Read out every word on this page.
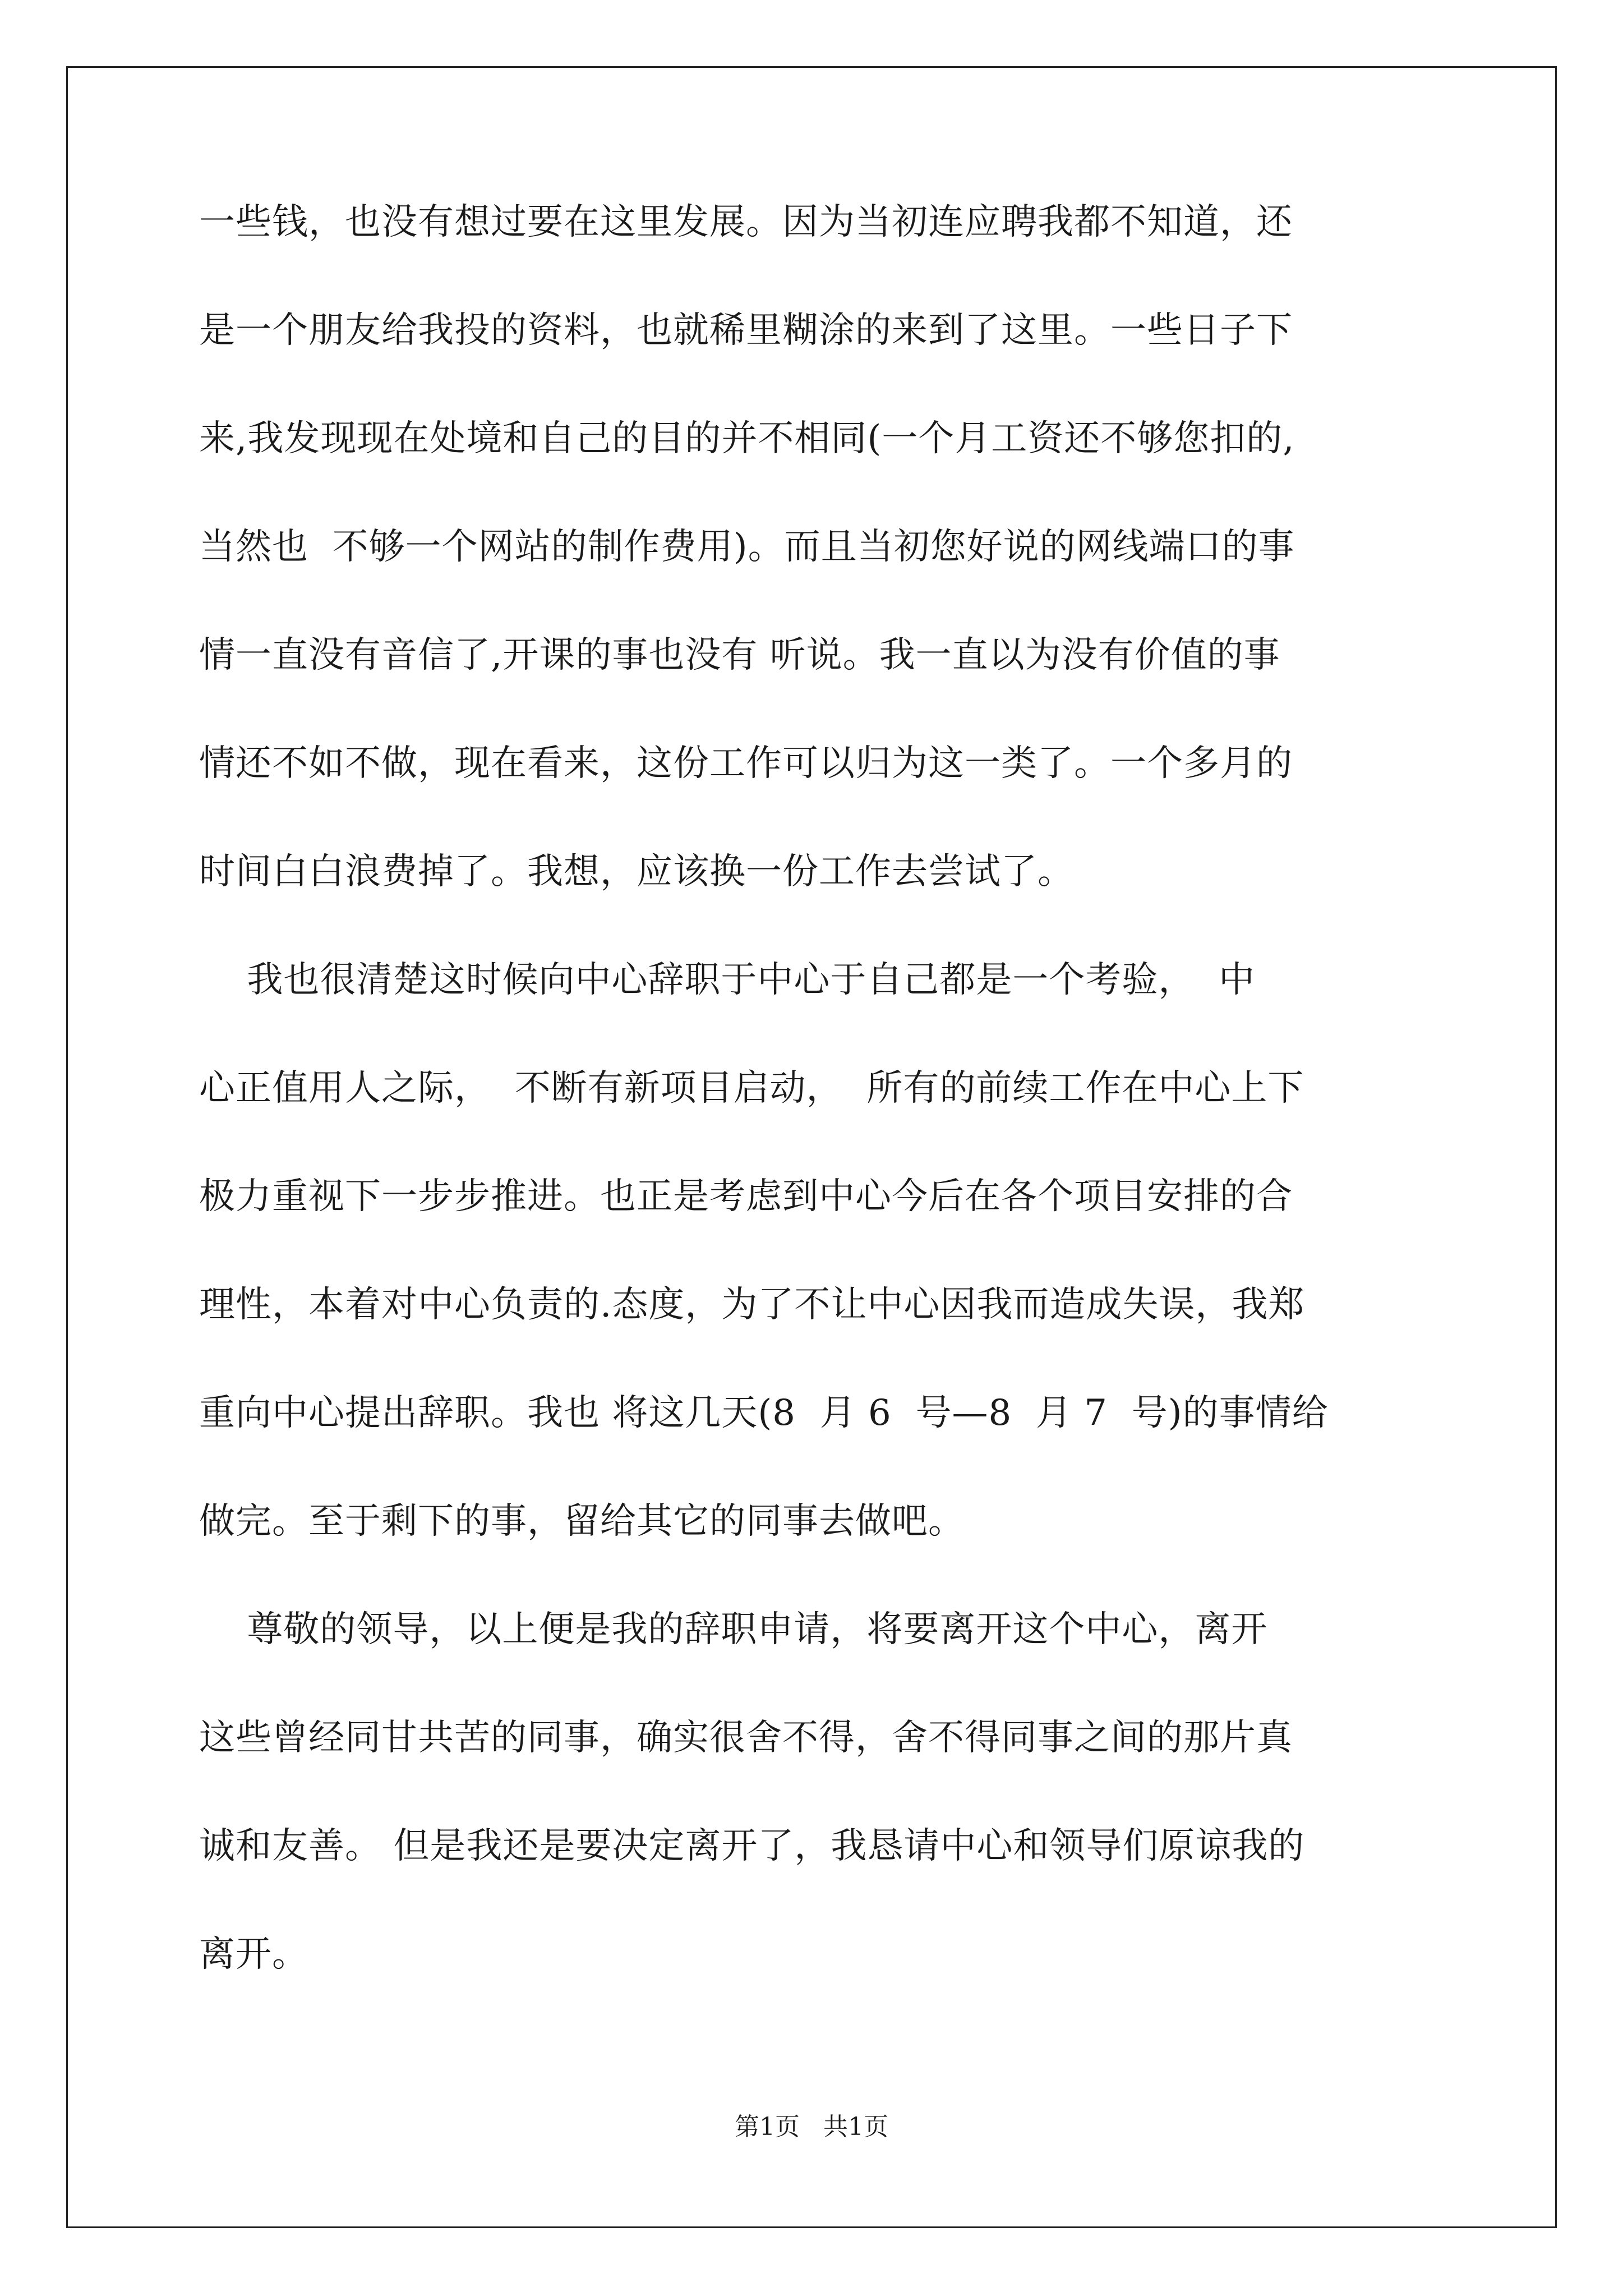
一些钱，也没有想过要在这里发展。因为当初连应聘我都不知道，还
是一个朋友给我投的资料，也就稀里糊涂的来到了这里。一些日子下
来,我发现现在处境和自己的目的并不相同(一个月工资还不够您扣的,
当然也  不够一个网站的制作费用)。而且当初您好说的网线端口的事
情一直没有音信了,开课的事也没有 听说。我一直以为没有价值的事
情还不如不做，现在看来，这份工作可以归为这一类了。一个多月的
时间白白浪费掉了。我想，应该换一份工作去尝试了。
我也很清楚这时候向中心辞职于中心于自己都是一个考验，  中
心正值用人之际，  不断有新项目启动，  所有的前续工作在中心上下
极力重视下一步步推进。也正是考虑到中心今后在各个项目安排的合
理性，本着对中心负责的.态度，为了不让中心因我而造成失误，我郑
重向中心提出辞职。我也 将这几天(8  月 6  号—8  月 7  号)的事情给
做完。至于剩下的事，留给其它的同事去做吧。
尊敬的领导，以上便是我的辞职申请，将要离开这个中心，离开
这些曾经同甘共苦的同事，确实很舍不得，舍不得同事之间的那片真
诚和友善。 但是我还是要决定离开了，我恳请中心和领导们原谅我的
离开。
第1页   共1页
